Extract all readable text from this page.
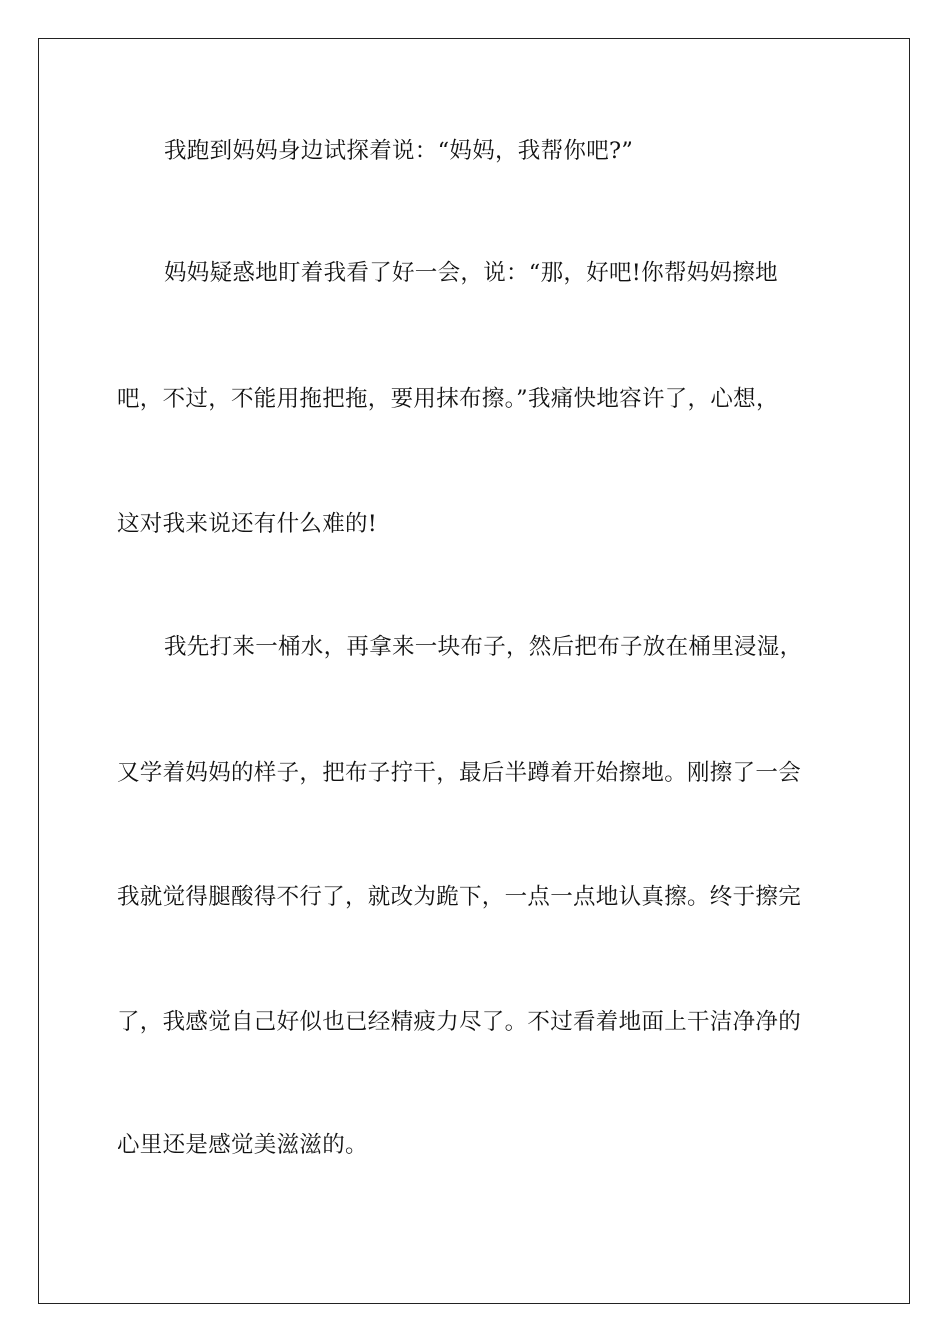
我跑到妈妈身边试探着说：“妈妈，我帮你吧?”
妈妈疑惑地盯着我看了好一会，说：“那，好吧!你帮妈妈擦地
吧，不过，不能用拖把拖，要用抹布擦。”我痛快地容许了，心想，
这对我来说还有什么难的!
我先打来一桶水，再拿来一块布子，然后把布子放在桶里浸湿，
又学着妈妈的样子，把布子拧干，最后半蹲着开始擦地。刚擦了一会
我就觉得腿酸得不行了，就改为跪下，一点一点地认真擦。终于擦完
了，我感觉自己好似也已经精疲力尽了。不过看着地面上干洁净净的
心里还是感觉美滋滋的。
